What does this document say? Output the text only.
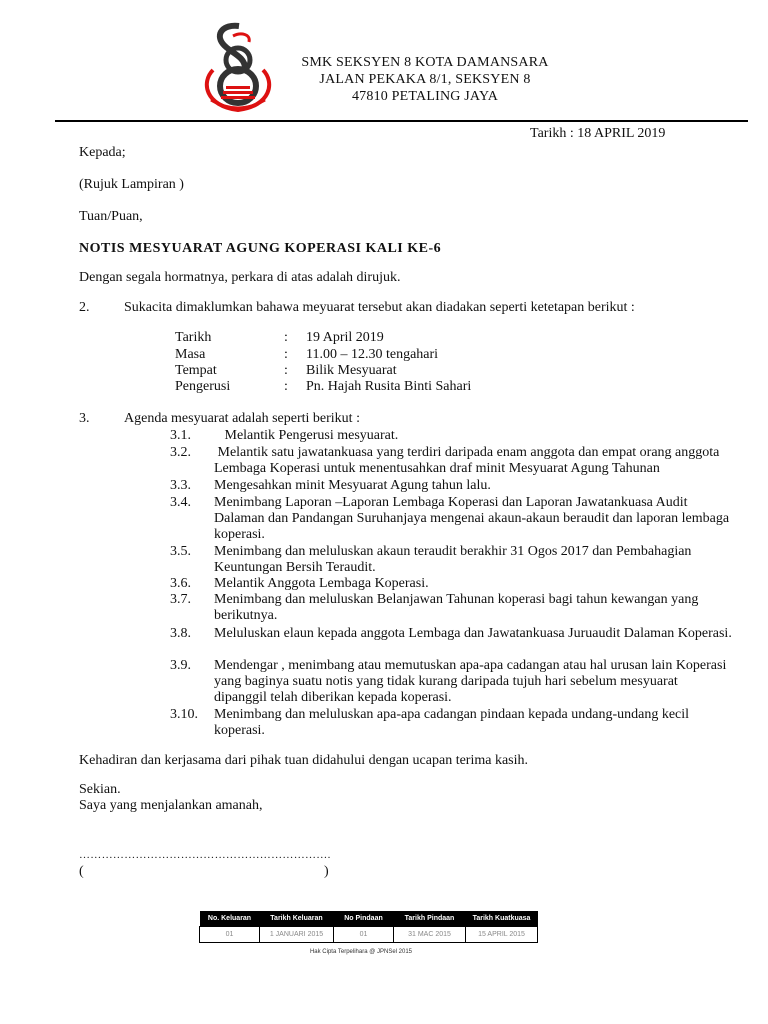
SMK SEKSYEN 8 KOTA DAMANSARA
JALAN PEKAKA 8/1, SEKSYEN 8
47810 PETALING JAYA
Tarikh : 18 APRIL 2019
Kepada;
(Rujuk Lampiran )
Tuan/Puan,
NOTIS MESYUARAT AGUNG KOPERASI KALI KE-6
Dengan segala hormatnya, perkara di atas adalah dirujuk.
2. Sukacita dimaklumkan bahawa meyuarat tersebut akan diadakan seperti ketetapan berikut :
Tarikh	: 19 April 2019
Masa	: 11.00 – 12.30 tengahari
Tempat	: Bilik Mesyuarat
Pengerusi	: Pn. Hajah Rusita Binti Sahari
3. Agenda mesyuarat adalah seperti berikut :
3.1. Melantik Pengerusi mesyuarat.
3.2. Melantik satu jawatankuasa yang terdiri daripada enam anggota dan empat orang anggota Lembaga Koperasi untuk menentusahkan draf minit Mesyuarat Agung Tahunan
3.3. Mengesahkan minit Mesyuarat Agung tahun lalu.
3.4. Menimbang Laporan –Laporan Lembaga Koperasi dan Laporan Jawatankuasa Audit Dalaman dan Pandangan Suruhanjaya mengenai akaun-akaun beraudit dan laporan lembaga koperasi.
3.5. Menimbang dan meluluskan akaun teraudit berakhir 31 Ogos 2017 dan Pembahagian Keuntungan Bersih Teraudit.
3.6. Melantik Anggota Lembaga Koperasi.
3.7. Menimbang dan meluluskan Belanjawan Tahunan koperasi bagi tahun kewangan yang berikutnya.
3.8. Meluluskan elaun kepada anggota Lembaga dan Jawatankuasa Juruaudit Dalaman Koperasi.
3.9. Mendengar , menimbang atau memutuskan apa-apa cadangan atau hal urusan lain Koperasi yang baginya suatu notis yang tidak kurang daripada tujuh hari sebelum mesyuarat dipanggil telah diberikan kepada koperasi.
3.10. Menimbang dan meluluskan apa-apa cadangan pindaan kepada undang-undang kecil koperasi.
Kehadiran dan kerjasama dari pihak tuan didahului dengan ucapan terima kasih.
Sekian.
Saya yang menjalankan amanah,
………………………………………………………….
(	)
No. Keluaran	Tarikh Keluaran	No Pindaan	Tarikh Pindaan	Tarikh Kuatkuasa
01	1 JANUARI 2015	01	31 MAC 2015	15 APRIL 2015
Hak Cipta Terpelihara @ JPNSel 2015
